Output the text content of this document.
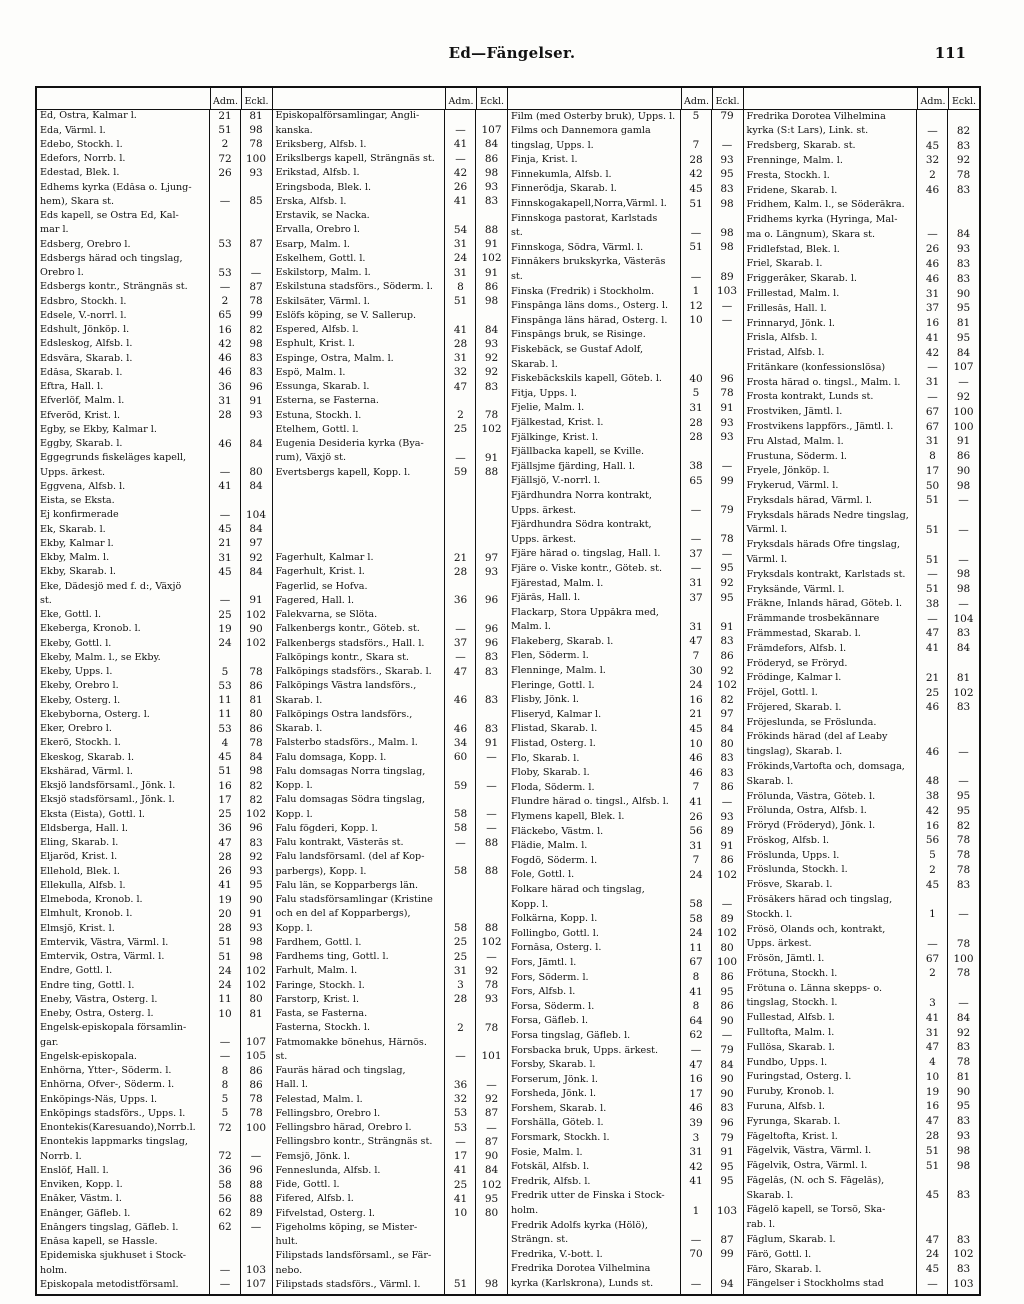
Ed—Fängelser.	111
Adm. Eckl.
Ed, Östra, Kalmar l.	21	81
Eda, Värml. l.	51	98
Edebo, Stockh. l.	2	78
Edefors, Norrb. l.	72	100
Edestad, Blek. l.	26	93
Edhems kyrka (Edåsa o. Ljung-
hem), Skara st.	—	85
Eds kapell, se Östra Ed, Kal-
mar l.
Edsberg, Örebro l.	53	87
Edsbergs härad och tingslag,
Örebro l.	53	—
Edsbergs kontr., Strängnäs st.	—	87
Edsbro, Stockh. l.	2	78
Edsele, V.-norrl. l.	65	99
Edshult, Jönköp. l.	16	82
Edsleskog, Älfsb. l.	42	98
Edsvära, Skarab. l.	46	83
Edåsa, Skarab. l.	46	83
Eftra, Hall. l.	36	96
Efverlöf, Malm. l.	31	91
Efveröd, Krist. l.	28	93
Egby, se Ekby, Kalmar l.
Eggby, Skarab. l.	46	84
Eggegrunds fiskeläges kapell,
Upps. ärkest.	—	80
Eggvena, Älfsb. l.	41	84
Eista, se Eksta.
Ej konfirmerade	—	104
Ek, Skarab. l.	45	84
Ekby, Kalmar l.	21	97
Ekby, Malm. l.	31	92
Ekby, Skarab. l.	45	84
Eke, Dädesjö med f. d:, Växjö
st.	—	91
Eke, Gottl. l.	25	102
Ekeberga, Kronob. l.	19	90
Ekeby, Gottl. l.	24	102
Ekeby, Malm. l., se Ekby.
Ekeby, Upps. l.	5	78
Ekeby, Örebro l.	53	86
Ekeby, Österg. l.	11	81
Ekebyborna, Österg. l.	11	80
Eker, Örebro l.	53	86
Ekerö, Stockh. l.	4	78
Ekeskog, Skarab. l.	45	84
Ekshärad, Värml. l.	51	98
Eksjö landsförsaml., Jönk. l.	16	82
Eksjö stadsförsaml., Jönk. l.	17	82
Eksta (Eista), Gottl. l.	25	102
Eldsberga, Hall. l.	36	96
Eling, Skarab. l.	47	83
Eljaröd, Krist. l.	28	92
Ellehold, Blek. l.	26	93
Ellekulla, Älfsb. l.	41	95
Elmeboda, Kronob. l.	19	90
Elmhult, Kronob. l.	20	91
Elmsjö, Krist. l.	28	93
Emtervik, Västra, Värml. l.	51	98
Emtervik, Östra, Värml. l.	51	98
Endre, Gottl. l.	24	102
Endre ting, Gottl. l.	24	102
Eneby, Västra, Österg. l.	11	80
Eneby, Östra, Österg. l.	10	81
Engelsk-episkopala församlin-
gar.	—	107
Engelsk-episkopala.	—	105
Enhörna, Ytter-, Söderm. l.	8	86
Enhörna, Öfver-, Söderm. l.	8	86
Enköpings-Näs, Upps. l.	5	78
Enköpings stadsförs., Upps. l.	5	78
Enontekis(Karesuando),Norrb.l.	72	100
Enontekis lappmarks tingslag,
Norrb. l.	72	—
Enslöf, Hall. l.	36	96
Enviken, Kopp. l.	58	88
Enåker, Västm. l.	56	88
Enånger, Gäfleb. l.	62	89
Enångers tingslag, Gäfleb. l.	62	—
Enåsa kapell, se Hassle.
Epidemiska sjukhuset i Stock-
holm.	—	103
Episkopala metodistförsaml.	—	107
Adm. Eckl.
Episkopalförsamlingar, Angli-
kanska.	—	107
Eriksberg, Älfsb. l.	41	84
Erikslbergs kapell, Strängnäs st.	—	86
Erikstad, Älfsb. l.	42	98
Eringsboda, Blek. l.	26	93
Erska, Älfsb. l.	41	83
Erstavik, se Nacka.
Ervalla, Örebro l.	54	88
Esarp, Malm. l.	31	91
Eskelhem, Gottl. l.	24	102
Eskilstorp, Malm. l.	31	91
Eskilstuna stadsförs., Söderm. l.	8	86
Eskilsäter, Värml. l.	51	98
Eslöfs köping, se V. Sallerup.
Espered, Älfsb. l.	41	84
Esphult, Krist. l.	28	93
Espinge, Östra, Malm. l.	31	92
Espö, Malm. l.	32	92
Essunga, Skarab. l.	47	83
Esterna, se Fasterna.
Estuna, Stockh. l.	2	78
Etelhem, Gottl. l.	25	102
Eugenia Desideria kyrka (Bya-
rum), Växjö st.	—	91
Evertsbergs kapell, Kopp. l.	59	88
Fagerhult, Kalmar l.	21	97
Fagerhult, Krist. l.	28	93
Fagerlid, se Hofva.
Fagered, Hall. l.	36	96
Falekvarna, se Slöta.
Falkenbergs kontr., Göteb. st.	—	96
Falkenbergs stadsförs., Hall. l.	37	96
Falköpings kontr., Skara st.	—	83
Falköpings stadsförs., Skarab. l.	47	83
Falköpings Västra landsförs.,
Skarab. l.	46	83
Falköpings Östra landsförs.,
Skarab. l.	46	83
Falsterbo stadsförs., Malm. l.	34	91
Falu domsaga, Kopp. l.	60	—
Falu domsagas Norra tingslag,
Kopp. l.	59	—
Falu domsagas Södra tingslag,
Kopp. l.	58	—
Falu fögderi, Kopp. l.	58	—
Falu kontrakt, Västerås st.	—	88
Falu landsförsaml. (del af Kop-
parbergs), Kopp. l.	58	88
Falu län, se Kopparbergs län.
Falu stadsförsamlingar (Kristine
och en del af Kopparbergs),
Kopp. l.	58	88
Fardhem, Gottl. l.	25	102
Fardhems ting, Gottl. l.	25	—
Farhult, Malm. l.	31	92
Faringe, Stockh. l.	3	78
Farstorp, Krist. l.	28	93
Fasta, se Fasterna.
Fasterna, Stockh. l.	2	78
Fatmomakke bönehus, Härnös.
st.	—	101
Fauräs härad och tingslag,
Hall. l.	36	—
Felestad, Malm. l.	32	92
Fellingsbro, Örebro l.	53	87
Fellingsbro härad, Örebro l.	53	—
Fellingsbro kontr., Strängnäs st.	—	87
Femsjö, Jönk. l.	17	90
Fenneslunda, Älfsb. l.	41	84
Fide, Gottl. l.	25	102
Fifered, Älfsb. l.	41	95
Fifvelstad, Österg. l.	10	80
Figeholms köping, se Mister-
hult.
Filipstads landsförsaml., se Fär-
nebo.
Filipstads stadsförs., Värml. l.	51	98
Adm. Eckl.
Film (med Österby bruk), Upps. l.	5	79
Films och Dannemora gamla
tingslag, Upps. l.	7	—
Finja, Krist. l.	28	93
Finnekumla, Älfsb. l.	42	95
Finnerödja, Skarab. l.	45	83
Finnskogakapell,Norra,Värml. l.	51	98
Finnskoga pastorat, Karlstads
st.	—	98
Finnskoga, Södra, Värml. l.	51	98
Finnåkers brukskyrka, Västerås
st.	—	89
Finska (Fredrik) i Stockholm.	1	103
Finspånga läns doms., Österg. l.	12	—
Finspånga läns härad, Österg. l.	10	—
Finspångs bruk, se Risinge.
Fiskebäck, se Gustaf Adolf,
Skarab. l.
Fiskebäckskils kapell, Göteb. l.	40	96
Fitja, Upps. l.	5	78
Fjelie, Malm. l.	31	91
Fjälkestad, Krist. l.	28	93
Fjälkinge, Krist. l.	28	93
Fjällbacka kapell, se Kville.
Fjällsjme fjärding, Hall. l.	38	—
Fjällsjö, V.-norrl. l.	65	99
Fjärdhundra Norra kontrakt,
Upps. ärkest.	—	79
Fjärdhundra Södra kontrakt,
Upps. ärkest.	—	78
Fjäre härad o. tingslag, Hall. l.	37	—
Fjäre o. Viske kontr., Göteb. st.	—	95
Fjärestad, Malm. l.	31	92
Fjärås, Hall. l.	37	95
Flackarp, Stora Uppåkra med,
Malm. l.	31	91
Flakeberg, Skarab. l.	47	83
Flen, Söderm. l.	7	86
Flenninge, Malm. l.	30	92
Fleringe, Gottl. l.	24	102
Flisby, Jönk. l.	16	82
Fliseryd, Kalmar l.	21	97
Flistad, Skarab. l.	45	84
Flistad, Österg. l.	10	80
Flo, Skarab. l.	46	83
Floby, Skarab. l.	46	83
Floda, Söderm. l.	7	86
Flundre härad o. tingsl., Älfsb. l.	41	—
Flymens kapell, Blek. l.	26	93
Fläckebo, Västm. l.	56	89
Flädie, Malm. l.	31	91
Fogdö, Söderm. l.	7	86
Fole, Gottl. l.	24	102
Folkare härad och tingslag,
Kopp. l.	58	—
Folkärna, Kopp. l.	58	89
Follingbo, Gottl. l.	24	102
Fornåsa, Österg. l.	11	80
Fors, Jämtl. l.	67	100
Fors, Söderm. l.	8	86
Fors, Älfsb. l.	41	95
Forsa, Söderm. l.	8	86
Forsa, Gäfleb. l.	64	90
Forsa tingslag, Gäfleb. l.	62	—
Forsbacka bruk, Upps. ärkest.	—	79
Forsby, Skarab. l.	47	84
Forserum, Jönk. l.	16	90
Forsheda, Jönk. l.	17	90
Forshem, Skarab. l.	46	83
Forshälla, Göteb. l.	39	96
Forsmark, Stockh. l.	3	79
Fosie, Malm. l.	31	91
Fotskäl, Älfsb. l.	42	95
Fredrik, Älfsb. l.	41	95
Fredrik utter de Finska i Stock-
holm.	1	103
Fredrik Adolfs kyrka (Hölö),
Strängn. st.	—	87
Fredrika, V.-bott. l.	70	99
Fredrika Dorotea Vilhelmina
kyrka (Karlskrona), Lunds st.	—	94
Adm. Eckl.
Fredrika Dorotea Vilhelmina
kyrka (S:t Lars), Link. st.	—	82
Fredsberg, Skarab. st.	45	83
Frenninge, Malm. l.	32	92
Fresta, Stockh. l.	2	78
Fridene, Skarab. l.	46	83
Fridhem, Kalm. l., se Söderåkra.
Fridhems kyrka (Hyringa, Mal-
ma o. Längnum), Skara st.	—	84
Fridlefstad, Blek. l.	26	93
Friel, Skarab. l.	46	83
Friggeråker, Skarab. l.	46	83
Frillestad, Malm. l.	31	90
Frillesås, Hall. l.	37	95
Frinnaryd, Jönk. l.	16	81
Frisla, Älfsb. l.	41	95
Fristad, Älfsb. l.	42	84
Fritänkare (konfessionslösa)	—	107
Frosta härad o. tingsl., Malm. l.	31	—
Frosta kontrakt, Lunds st.	—	92
Frostviken, Jämtl. l.	67	100
Frostvikens lappförs., Jämtl. l.	67	100
Fru Alstad, Malm. l.	31	91
Frustuna, Söderm. l.	8	86
Fryele, Jönköp. l.	17	90
Frykerud, Värml. l.	50	98
Fryksdals härad, Värml. l.	51	—
Fryksdals härads Nedre tingslag,
Värml. l.	51	—
Fryksdals härads Öfre tingslag,
Värml. l.	51	—
Fryksdals kontrakt, Karlstads st.	—	98
Fryksände, Värml. l.	51	98
Fräkne, Inlands härad, Göteb. l.	38	—
Främmande trosbekännare	—	104
Främmestad, Skarab. l.	47	83
Främdefors, Älfsb. l.	41	84
Fröderyd, se Fröryd.
Frödinge, Kalmar l.	21	81
Fröjel, Gottl. l.	25	102
Fröjered, Skarab. l.	46	83
Fröjeslunda, se Fröslunda.
Frökinds härad (del af Leaby
tingslag), Skarab. l.	46	—
Frökinds,Vartofta och, domsaga,
Skarab. l.	48	—
Frölunda, Västra, Göteb. l.	38	95
Frölunda, Östra, Älfsb. l.	42	95
Fröryd (Fröderyd), Jönk. l.	16	82
Fröskog, Älfsb. l.	56	78
Fröslunda, Upps. l.	5	78
Fröslunda, Stockh. l.	2	78
Frösve, Skarab. l.	45	83
Frösåkers härad och tingslag,
Stockh. l.	1	—
Frösö, Olands och, kontrakt,
Upps. ärkest.	—	78
Frösön, Jämtl. l.	67	100
Frötuna, Stockh. l.	2	78
Frötuna o. Länna skepps- o.
tingslag, Stockh. l.	3	—
Fullestad, Älfsb. l.	41	84
Fulltofta, Malm. l.	31	92
Fullösa, Skarab. l.	47	83
Fundbo, Upps. l.	4	78
Furingstad, Österg. l.	10	81
Furuby, Kronob. l.	19	90
Furuna, Älfsb. l.	16	95
Fyrunga, Skarab. l.	47	83
Fågeltofta, Krist. l.	28	93
Fågelvik, Västra, Värml. l.	51	98
Fågelvik, Östra, Värml. l.	51	98
Fågelås, (N. och S. Fågelås),
Skarab. l.	45	83
Fågelö kapell, se Torsö, Ska-
rab. l.
Fåglum, Skarab. l.	47	83
Fårö, Gottl. l.	24	102
Fåro, Skarab. l.	45	83
Fängelser i Stockholms stad	—	103
